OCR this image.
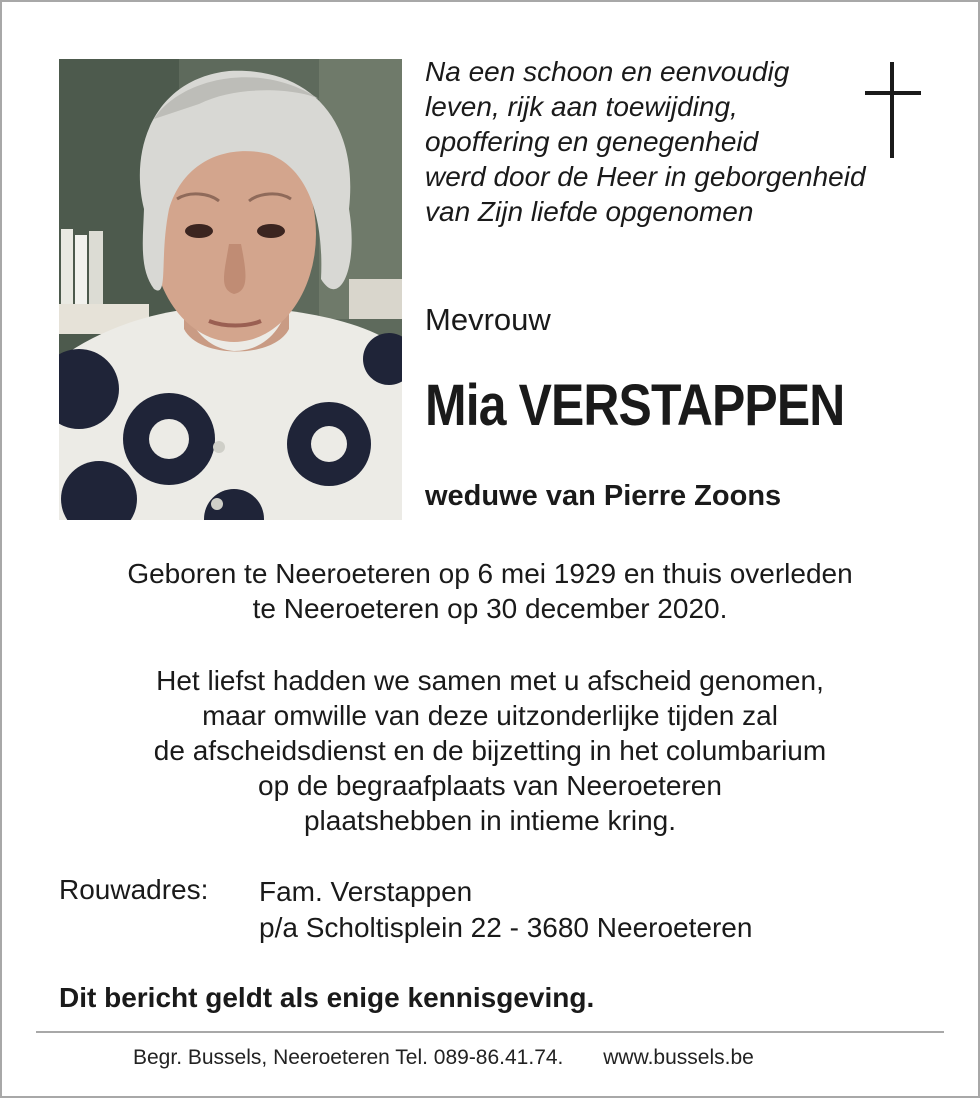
Na een schoon en eenvoudig
leven, rijk aan toewijding,
opoffering en genegenheid
werd door de Heer in geborgenheid
van Zijn liefde opgenomen
Mevrouw
Mia VERSTAPPEN
weduwe van Pierre Zoons
Geboren te Neeroeteren op 6 mei 1929 en thuis overleden
te Neeroeteren op 30 december 2020.
Het liefst hadden we samen met u afscheid genomen,
maar omwille van deze uitzonderlijke tijden zal
de afscheidsdienst en de bijzetting in het columbarium
op de begraafplaats van Neeroeteren
plaatshebben in intieme kring.
Rouwadres: Fam. Verstappen
p/a Scholtisplein 22 - 3680 Neeroeteren
Dit bericht geldt als enige kennisgeving.
Begr. Bussels, Neeroeteren Tel. 089-86.41.74. www.bussels.be
